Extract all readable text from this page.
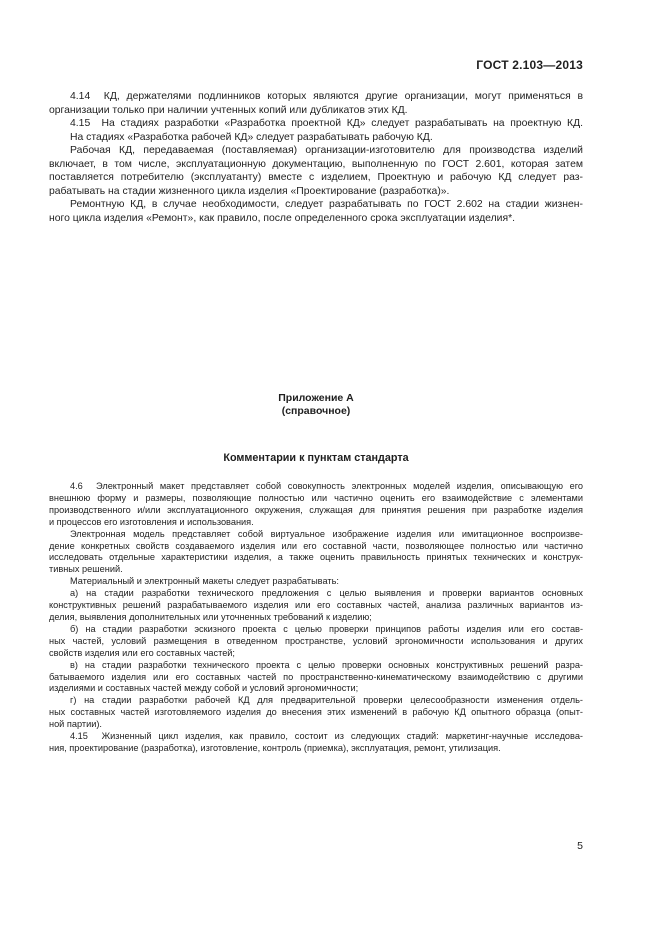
ГОСТ 2.103—2013
4.14  КД, держателями подлинников которых являются другие организации, могут применяться в
организации только при наличии учтенных копий или дубликатов этих КД.
4.15  На стадиях разработки «Разработка проектной КД» следует разрабатывать на проектную КД.
На стадиях «Разработка рабочей КД» следует разрабатывать рабочую КД.
Рабочая КД, передаваемая (поставляемая) организации-изготовителю для производства изделий
включает, в том числе, эксплуатационную документацию, выполненную по ГОСТ 2.601, которая затем
поставляется потребителю (эксплуатанту) вместе с изделием, Проектную и рабочую КД следует раз-
рабатывать на стадии жизненного цикла изделия «Проектирование (разработка)».
Ремонтную КД, в случае необходимости, следует разрабатывать по ГОСТ 2.602 на стадии жизнен-
ного цикла изделия «Ремонт», как правило, после определенного срока эксплуатации изделия*.
Приложение А
(справочное)
Комментарии к пунктам стандарта
4.6  Электронный макет представляет собой совокупность электронных моделей изделия, описывающую его
внешнюю форму и размеры, позволяющие полностью или частично оценить его взаимодействие с элементами
производственного и/или эксплуатационного окружения, служащая для принятия решения при разработке изделия
и процессов его изготовления и использования.
Электронная модель представляет собой виртуальное изображение изделия или имитационное воспроизве-
дение конкретных свойств создаваемого изделия или его составной части, позволяющее полностью или частично
исследовать отдельные характеристики изделия, а также оценить правильность принятых технических и конструк-
тивных решений.
Материальный и электронный макеты следует разрабатывать:
а) на стадии разработки технического предложения с целью выявления и проверки вариантов основных
конструктивных решений разрабатываемого изделия или его составных частей, анализа различных вариантов из-
делия, выявления дополнительных или уточненных требований к изделию;
б) на стадии разработки эскизного проекта с целью проверки принципов работы изделия или его состав-
ных частей, условий размещения в отведенном пространстве, условий эргономичности использования и других
свойств изделия или его составных частей;
в) на стадии разработки технического проекта с целью проверки основных конструктивных решений разра-
батываемого изделия или его составных частей по пространственно-кинематическому взаимодействию с другими
изделиями и составных частей между собой и условий эргономичности;
г) на стадии разработки рабочей КД для предварительной проверки целесообразности изменения отдель-
ных составных частей изготовляемого изделия до внесения этих изменений в рабочую КД опытного образца (опыт-
ной партии).
4.15  Жизненный цикл изделия, как правило, состоит из следующих стадий: маркетинг-научные исследова-
ния, проектирование (разработка), изготовление, контроль (приемка), эксплуатация, ремонт, утилизация.
5
